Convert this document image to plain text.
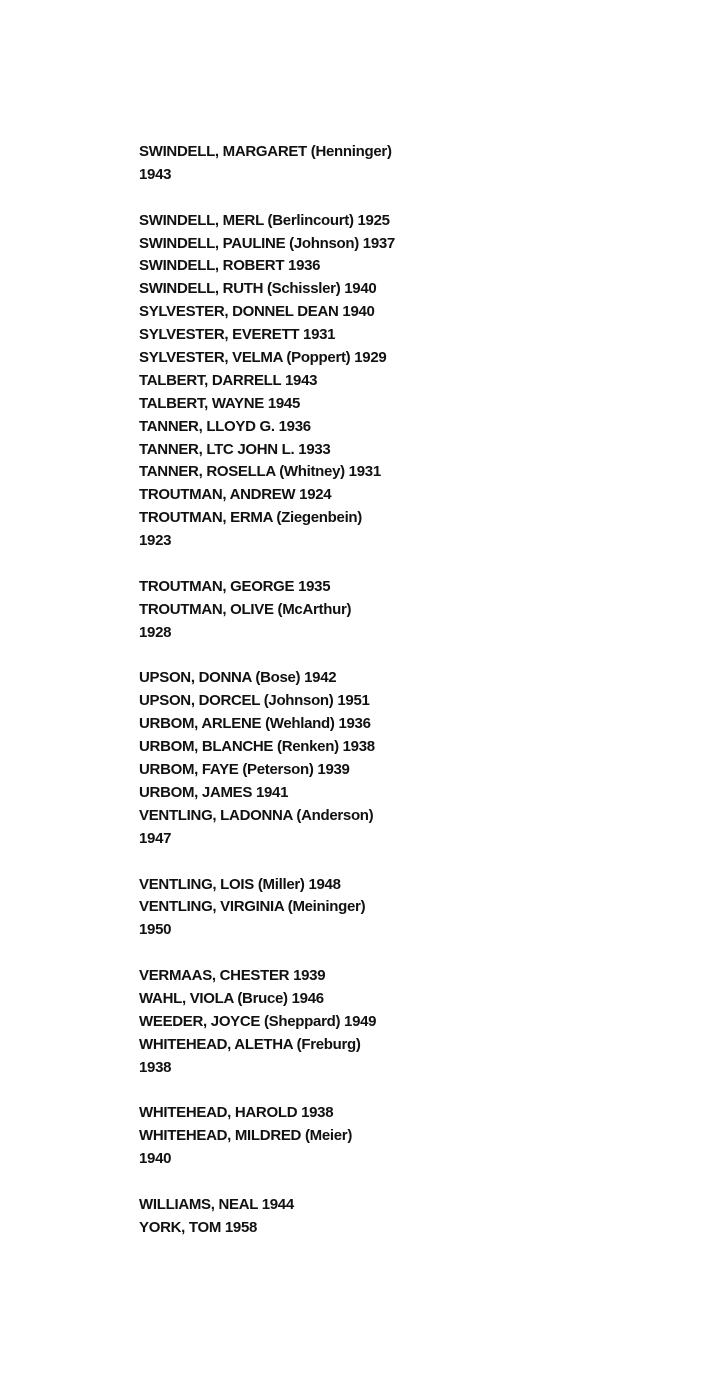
SWINDELL, MARGARET (Henninger)
1943
SWINDELL, MERL (Berlincourt) 1925
SWINDELL, PAULINE (Johnson) 1937
SWINDELL, ROBERT 1936
SWINDELL, RUTH (Schissler) 1940
SYLVESTER, DONNEL DEAN 1940
SYLVESTER, EVERETT 1931
SYLVESTER, VELMA (Poppert) 1929
TALBERT, DARRELL 1943
TALBERT, WAYNE 1945
TANNER, LLOYD G. 1936
TANNER, LTC JOHN L. 1933
TANNER, ROSELLA (Whitney) 1931
TROUTMAN, ANDREW 1924
TROUTMAN, ERMA (Ziegenbein)
1923
TROUTMAN, GEORGE 1935
TROUTMAN, OLIVE (McArthur)
1928
UPSON, DONNA (Bose) 1942
UPSON, DORCEL (Johnson) 1951
URBOM, ARLENE (Wehland) 1936
URBOM, BLANCHE (Renken) 1938
URBOM, FAYE (Peterson) 1939
URBOM, JAMES 1941
VENTLING, LADONNA (Anderson)
1947
VENTLING, LOIS (Miller) 1948
VENTLING, VIRGINIA (Meininger)
1950
VERMAAS, CHESTER 1939
WAHL, VIOLA (Bruce) 1946
WEEDER, JOYCE (Sheppard) 1949
WHITEHEAD, ALETHA (Freburg)
1938
WHITEHEAD, HAROLD 1938
WHITEHEAD, MILDRED (Meier)
1940
WILLIAMS, NEAL 1944
YORK, TOM 1958
